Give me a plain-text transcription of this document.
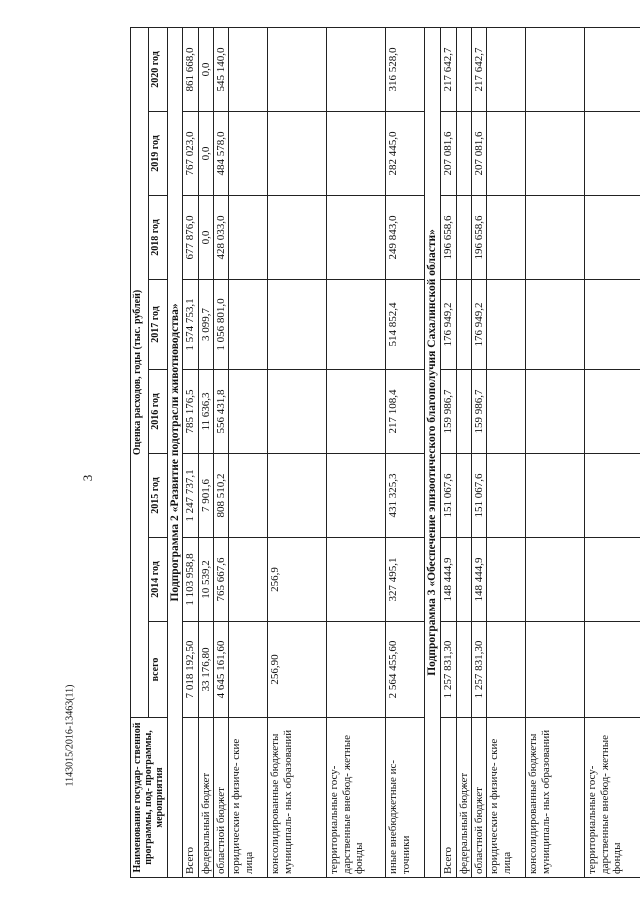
3
1143015/2016-13463(11)	Наименование государ- ственной программы, под- программы, мероприятия	Оценка расходов, годы (тыс. рублей)							
	всего	2014 год	2015 год	2016 год	2017 год	2018 год	2019 год	2020 год
Подпрограмма 2 «Развитие подотрасли животноводства»								
Всего	7 018 192,50	1 103 958,8	1 247 737,1	785 176,5	1 574 753,1	677 876,0	767 023,0	861 668,0
федеральный бюджет	33 176,80	10 539,2	7 901,6	11 636,3	3 099,7	0,0	0,0	0,0
областной бюджет	4 645 161,60	765 667,6	808 510,2	556 431,8	1 056 801,0	428 033,0	484 578,0	545 140,0
юридические и физиче- ские лица								
консолидированные бюджеты муниципаль- ных образований	256,90	256,9						
территориальные госу- дарственные внебюд- жетные фонды								
иные внебюджетные ис- точники	2 564 455,60	327 495,1	431 325,3	217 108,4	514 852,4	249 843,0	282 445,0	316 528,0
Подпрограмма 3 «Обеспечение эпизоотического благополучия Сахалинской области»								
Всего	1 257 831,30	148 444,9	151 067,6	159 986,7	176 949,2	196 658,6	207 081,6	217 642,7
федеральный бюджет								
областной бюджет	1 257 831,30	148 444,9	151 067,6	159 986,7	176 949,2	196 658,6	207 081,6	217 642,7
юридические и физиче- ские лица								
консолидированные бюджеты муниципаль- ных образований								
территориальные госу- дарственные внебюд- жетные фонды								
